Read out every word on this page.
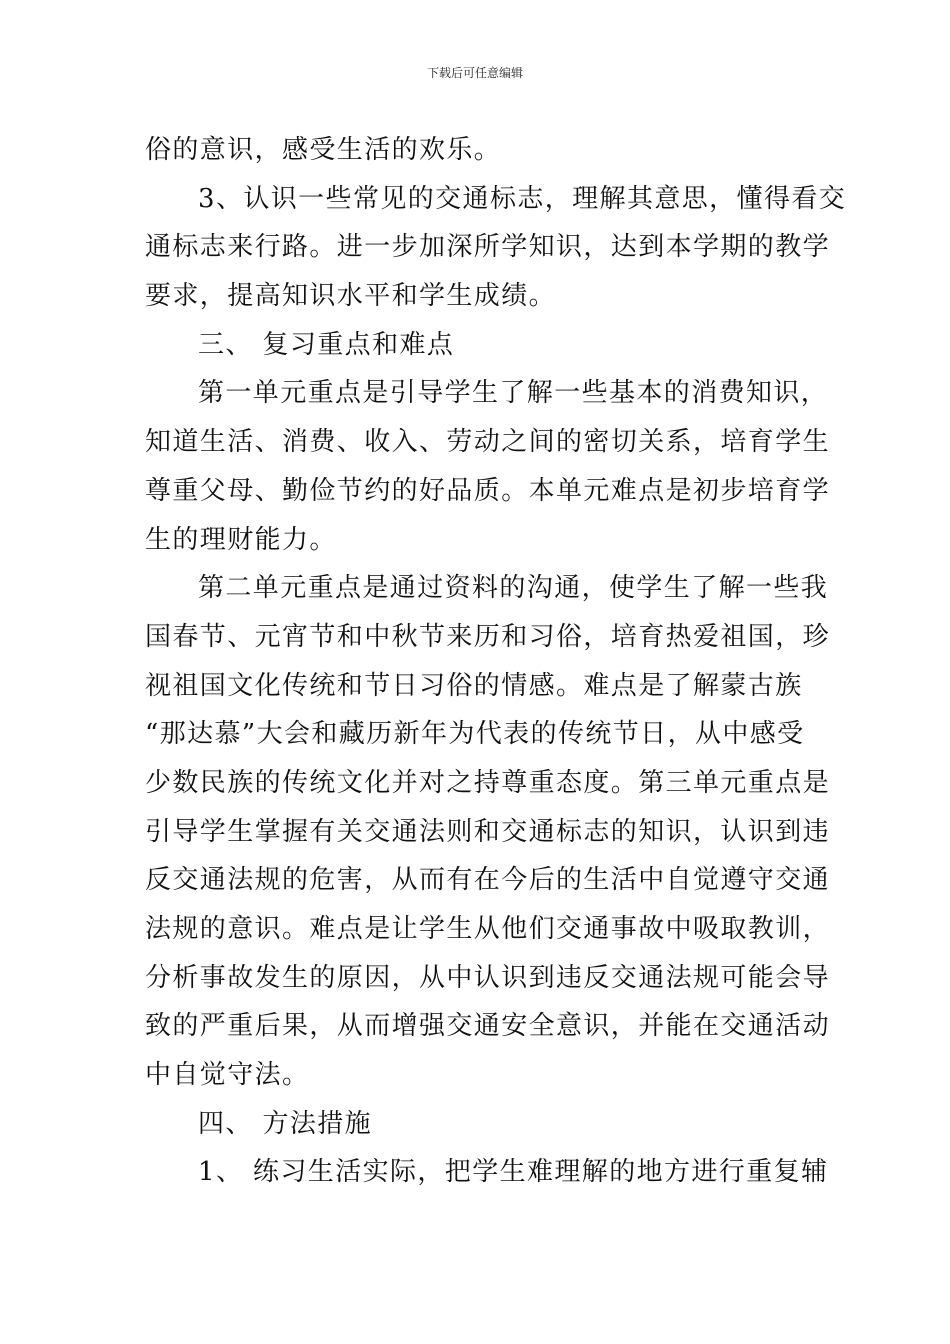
下载后可任意编辑
俗的意识，感受生活的欢乐。
3、认识一些常见的交通标志，理解其意思，懂得看交
通标志来行路。进一步加深所学知识，达到本学期的教学
要求，提高知识水平和学生成绩。
三、 复习重点和难点
第一单元重点是引导学生了解一些基本的消费知识，
知道生活、消费、收入、劳动之间的密切关系，培育学生
尊重父母、勤俭节约的好品质。本单元难点是初步培育学
生的理财能力。
第二单元重点是通过资料的沟通，使学生了解一些我
国春节、元宵节和中秋节来历和习俗，培育热爱祖国，珍
视祖国文化传统和节日习俗的情感。难点是了解蒙古族
“那达慕”大会和藏历新年为代表的传统节日，从中感受
少数民族的传统文化并对之持尊重态度。第三单元重点是
引导学生掌握有关交通法则和交通标志的知识，认识到违
反交通法规的危害，从而有在今后的生活中自觉遵守交通
法规的意识。难点是让学生从他们交通事故中吸取教训，
分析事故发生的原因，从中认识到违反交通法规可能会导
致的严重后果，从而增强交通安全意识，并能在交通活动
中自觉守法。
四、 方法措施
1、 练习生活实际，把学生难理解的地方进行重复辅
